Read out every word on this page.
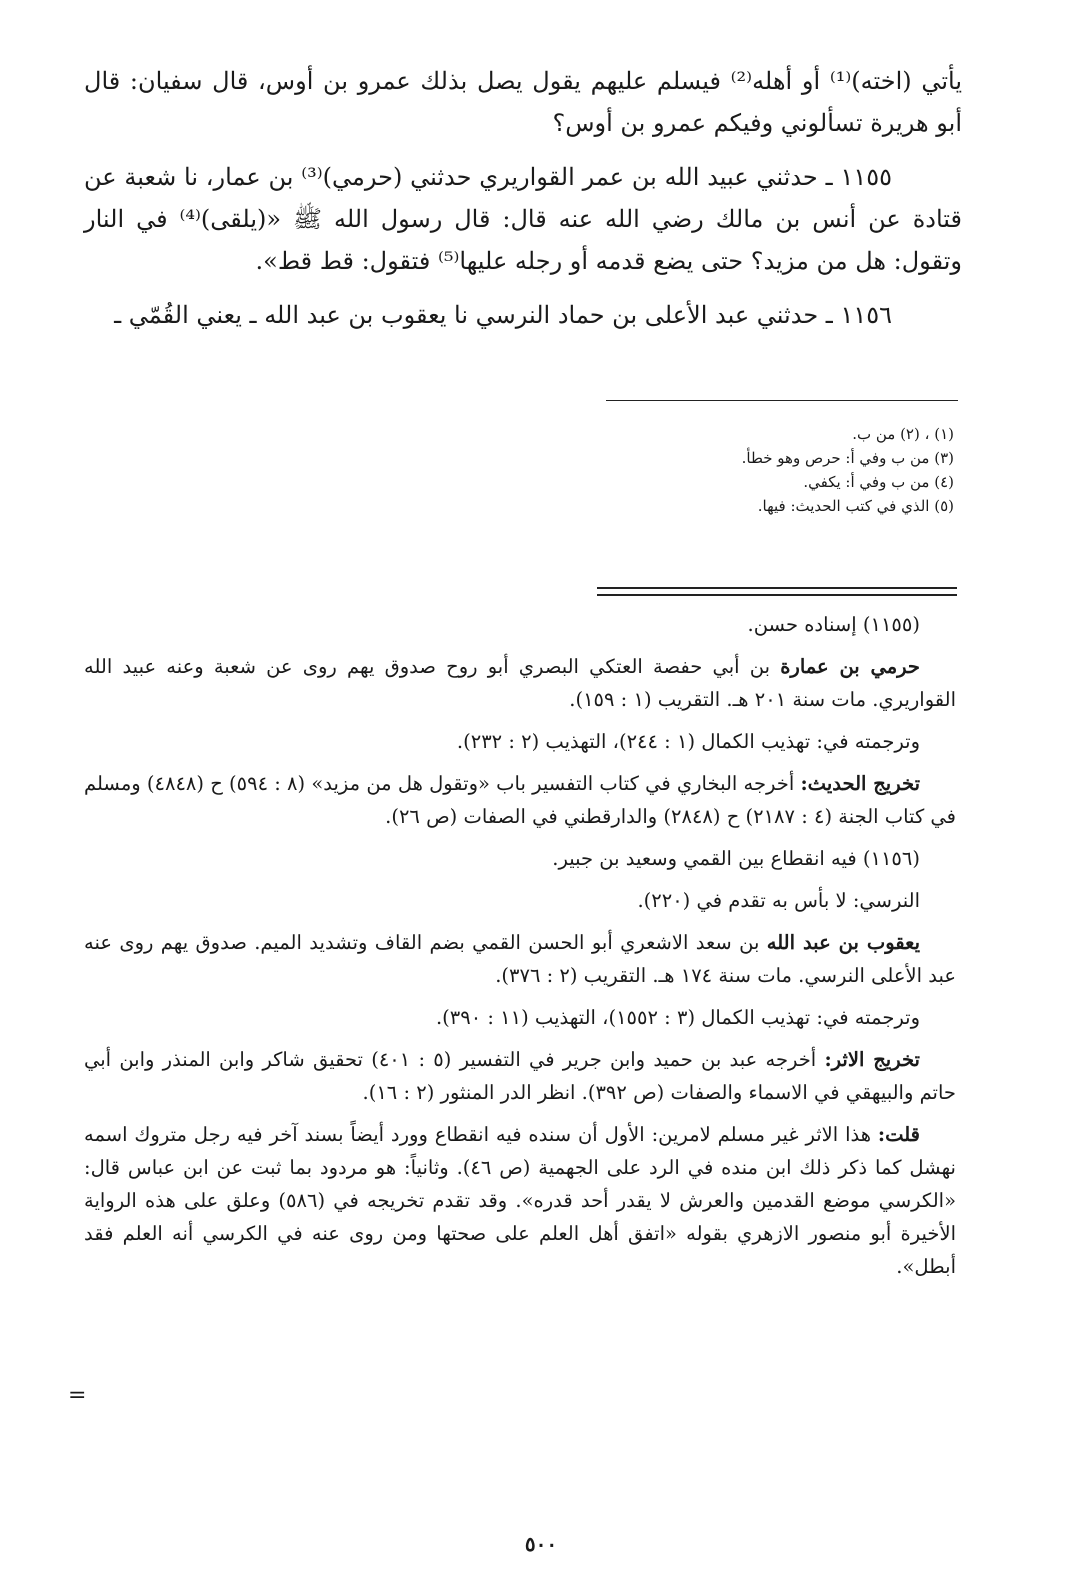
يأتي (اخته)⁽¹⁾ أو أهله⁽²⁾ فيسلم عليهم يقول يصل بذلك عمرو بن أوس، قال سفيان: قال أبو هريرة تسألوني وفيكم عمرو بن أوس؟

١١٥٥ ـ حدثني عبيد الله بن عمر القواريري حدثني (حرمي)⁽³⁾ بن عمار، نا شعبة عن قتادة عن أنس بن مالك رضي الله عنه قال: قال رسول الله ﷺ «(يلقى)⁽⁴⁾ في النار وتقول: هل من مزيد؟ حتى يضع قدمه أو رجله عليها⁽⁵⁾ فتقول: قط قط».

١١٥٦ ـ حدثني عبد الأعلى بن حماد النرسي نا يعقوب بن عبد الله ـ يعني القُمّي ـ

(١) ، (٢) من ب.
(٣) من ب وفي أ: حرص وهو خطأ.
(٤) من ب وفي أ: يكفي.
(٥) الذي في كتب الحديث: فيها.

(١١٥٥) إسناده حسن.

حرمي بن عمارة بن أبي حفصة العتكي البصري أبو روح صدوق يهم روى عن شعبة وعنه عبيد الله القواريري. مات سنة ٢٠١ هـ. التقريب (١ : ١٥٩).

وترجمته في: تهذيب الكمال (١ : ٢٤٤)، التهذيب (٢ : ٢٣٢).

تخريج الحديث: أخرجه البخاري في كتاب التفسير باب «وتقول هل من مزيد» (٨ : ٥٩٤) ح (٤٨٤٨) ومسلم في كتاب الجنة (٤ : ٢١٨٧) ح (٢٨٤٨) والدارقطني في الصفات (ص ٢٦).

(١١٥٦) فيه انقطاع بين القمي وسعيد بن جبير.

النرسي: لا بأس به تقدم في (٢٢٠).

يعقوب بن عبد الله بن سعد الاشعري أبو الحسن القمي بضم القاف وتشديد الميم. صدوق يهم روى عنه عبد الأعلى النرسي. مات سنة ١٧٤ هـ. التقريب (٢ : ٣٧٦).

وترجمته في: تهذيب الكمال (٣ : ١٥٥٢)، التهذيب (١١ : ٣٩٠).

تخريج الاثر: أخرجه عبد بن حميد وابن جرير في التفسير (٥ : ٤٠١) تحقيق شاكر وابن المنذر وابن أبي حاتم والبيهقي في الاسماء والصفات (ص ٣٩٢). انظر الدر المنثور (٢ : ١٦).

قلت: هذا الاثر غير مسلم لامرين: الأول أن سنده فيه انقطاع وورد أيضاً بسند آخر فيه رجل متروك اسمه نهشل كما ذكر ذلك ابن منده في الرد على الجهمية (ص ٤٦). وثانياً: هو مردود بما ثبت عن ابن عباس قال: «الكرسي موضع القدمين والعرش لا يقدر أحد قدره». وقد تقدم تخريجه في (٥٨٦) وعلق على هذه الرواية الأخيرة أبو منصور الازهري بقوله «اتفق أهل العلم على صحتها ومن روى عنه في الكرسي أنه العلم فقد أبطل».

=
٥٠٠
